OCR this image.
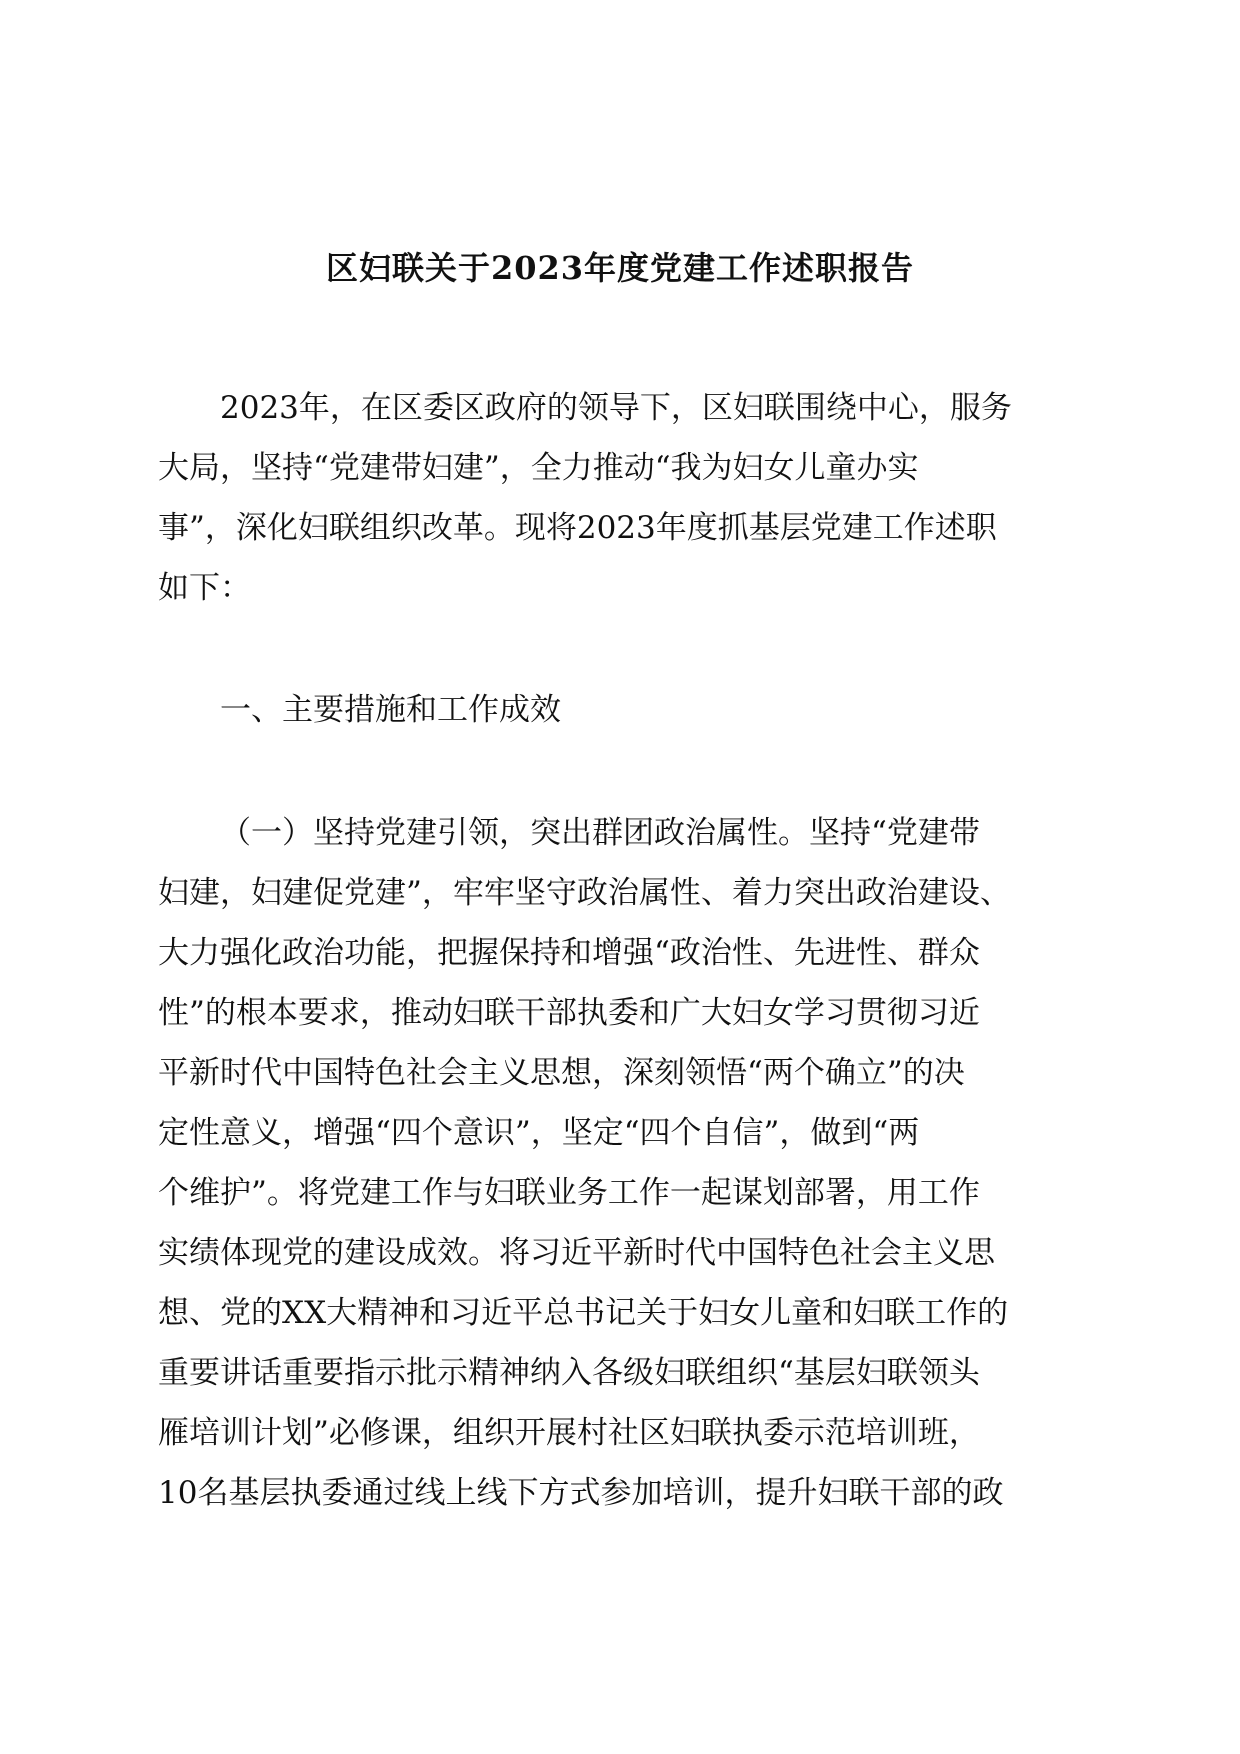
区妇联关于2023年度党建工作述职报告
2023年，在区委区政府的领导下，区妇联围绕中心，服务
大局，坚持“党建带妇建”，全力推动“我为妇女儿童办实
事”，深化妇联组织改革。现将2023年度抓基层党建工作述职
如下：
一、主要措施和工作成效
（一）坚持党建引领，突出群团政治属性。坚持“党建带
妇建，妇建促党建”，牢牢坚守政治属性、着力突出政治建设、
大力强化政治功能，把握保持和增强“政治性、先进性、群众
性”的根本要求，推动妇联干部执委和广大妇女学习贯彻习近
平新时代中国特色社会主义思想，深刻领悟“两个确立”的决
定性意义，增强“四个意识”，坚定“四个自信”，做到“两
个维护”。将党建工作与妇联业务工作一起谋划部署，用工作
实绩体现党的建设成效。将习近平新时代中国特色社会主义思
想、党的XX大精神和习近平总书记关于妇女儿童和妇联工作的
重要讲话重要指示批示精神纳入各级妇联组织“基层妇联领头
雁培训计划”必修课，组织开展村社区妇联执委示范培训班，
10名基层执委通过线上线下方式参加培训，提升妇联干部的政
